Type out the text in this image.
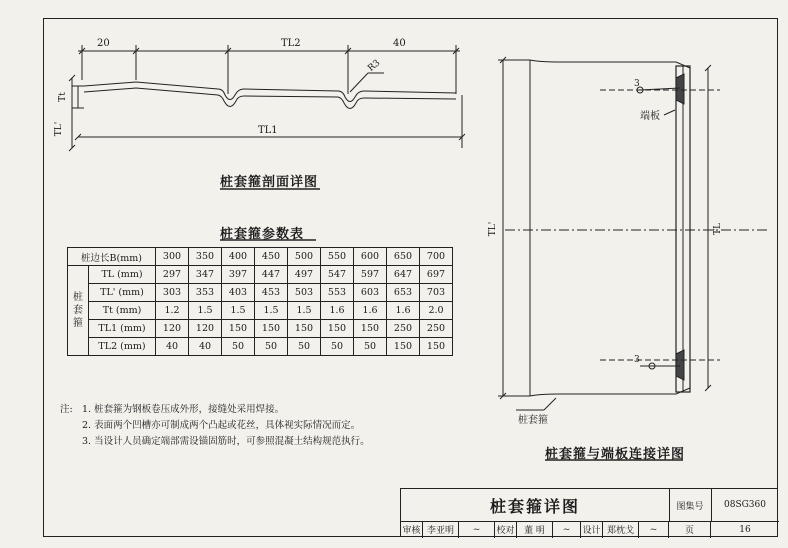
20	TL2	40
R3
Tt
TL'	TL1
桩套箍剖面详图
桩套箍参数表
3
端板
3
桩套箍
TL'	TL
桩套箍与端板连接详图
桩边长B(mm)		300	350	400	450	500	550	600	650	700

桩
套
箍	TL (mm)	297	347	397	447	497	547	597	647	697
	TL' (mm)	303	353	403	453	503	553	603	653	703
	Tt (mm)	1.2	1.5	1.5	1.5	1.5	1.6	1.6	1.6	2.0
	TL1 (mm)	120	120	150	150	150	150	150	250	250
	TL2 (mm)	40	40	50	50	50	50	50	150	150
注: 1. 桩套箍为钢板卷压成外形，接缝处采用焊接。
2. 表面两个凹槽亦可制成两个凸起或花丝，具体视实际情况而定。
3. 当设计人员确定端部需设锚固筋时，可参照混凝土结构规范执行。
桩套箍详图	图集号	08SG360
审核 李亚明	~	校对	董 明	~	设计 郑枕戈	~	页	16
